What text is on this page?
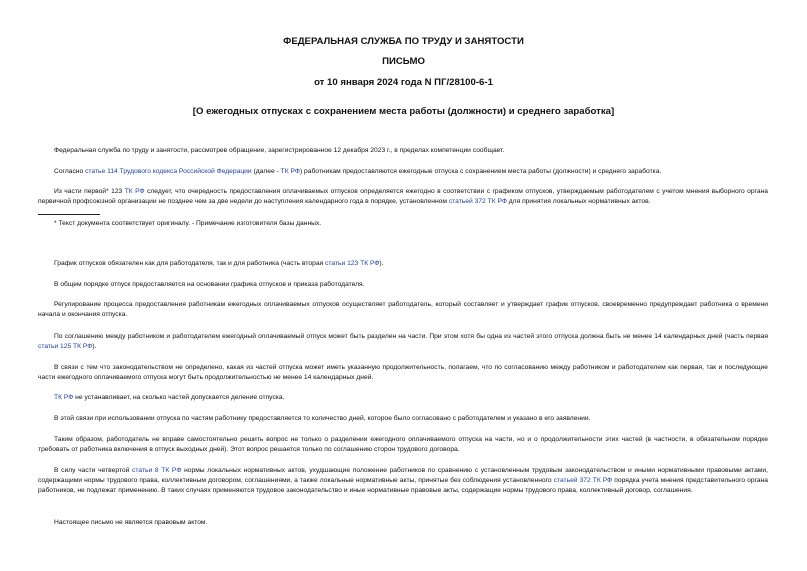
ФЕДЕРАЛЬНАЯ СЛУЖБА ПО ТРУДУ И ЗАНЯТОСТИ
ПИСЬМО
от 10 января 2024 года N ПГ/28100-6-1
[О ежегодных отпусках с сохранением места работы (должности) и среднего заработка]
Федеральная служба по труду и занятости, рассмотрев обращение, зарегистрированное 12 декабря 2023 г., в пределах компетенции сообщает.
Согласно статье 114 Трудового кодекса Российской Федерации (далее - ТК РФ) работникам предоставляются ежегодные отпуска с сохранением места работы (должности) и среднего заработка.
Из части первой* 123 ТК РФ следует, что очередность предоставления оплачиваемых отпусков определяется ежегодно в соответствии с графиком отпусков, утверждаемым работодателем с учетом мнения выборного органа первичной профсоюзной организации не позднее чем за две недели до наступления календарного года в порядке, установленном статьей 372 ТК РФ для принятия локальных нормативных актов.
* Текст документа соответствует оригиналу. - Примечание изготовителя базы данных.
График отпусков обязателен как для работодателя, так и для работника (часть вторая статьи 123 ТК РФ).
В общем порядке отпуск предоставляется на основании графика отпусков и приказа работодателя.
Регулирование процесса предоставления работникам ежегодных оплачиваемых отпусков осуществляет работодатель, который составляет и утверждает график отпусков, своевременно предупреждает работника о времени начала и окончания отпуска.
По соглашению между работником и работодателем ежегодный оплачиваемый отпуск может быть разделен на части. При этом хотя бы одна из частей этого отпуска должна быть не менее 14 календарных дней (часть первая статьи 125 ТК РФ).
В связи с тем что законодательством не определено, какая из частей отпуска может иметь указанную продолжительность, полагаем, что по согласованию между работником и работодателем как первая, так и последующие части ежегодного оплачиваемого отпуска могут быть продолжительностью не менее 14 календарных дней.
ТК РФ не устанавливает, на сколько частей допускается деление отпуска.
В этой связи при использовании отпуска по частям работнику предоставляется то количество дней, которое было согласовано с работодателем и указано в его заявлении.
Таким образом, работодатель не вправе самостоятельно решить вопрос не только о разделении ежегодного оплачиваемого отпуска на части, но и о продолжительности этих частей (в частности, в обязательном порядке требовать от работника включения в отпуск выходных дней). Этот вопрос решается только по соглашению сторон трудового договора.
В силу части четвертой статьи 8 ТК РФ нормы локальных нормативных актов, ухудшающие положение работников по сравнению с установленным трудовым законодательством и иными нормативными правовыми актами, содержащими нормы трудового права, коллективным договором, соглашениями, а также локальные нормативные акты, принятые без соблюдения установленного статьей 372 ТК РФ порядка учета мнения представительного органа работников, не подлежат применению. В таких случаях применяются трудовое законодательство и иные нормативные правовые акты, содержащие нормы трудового права, коллективный договор, соглашения.
Настоящее письмо не является правовым актом.
